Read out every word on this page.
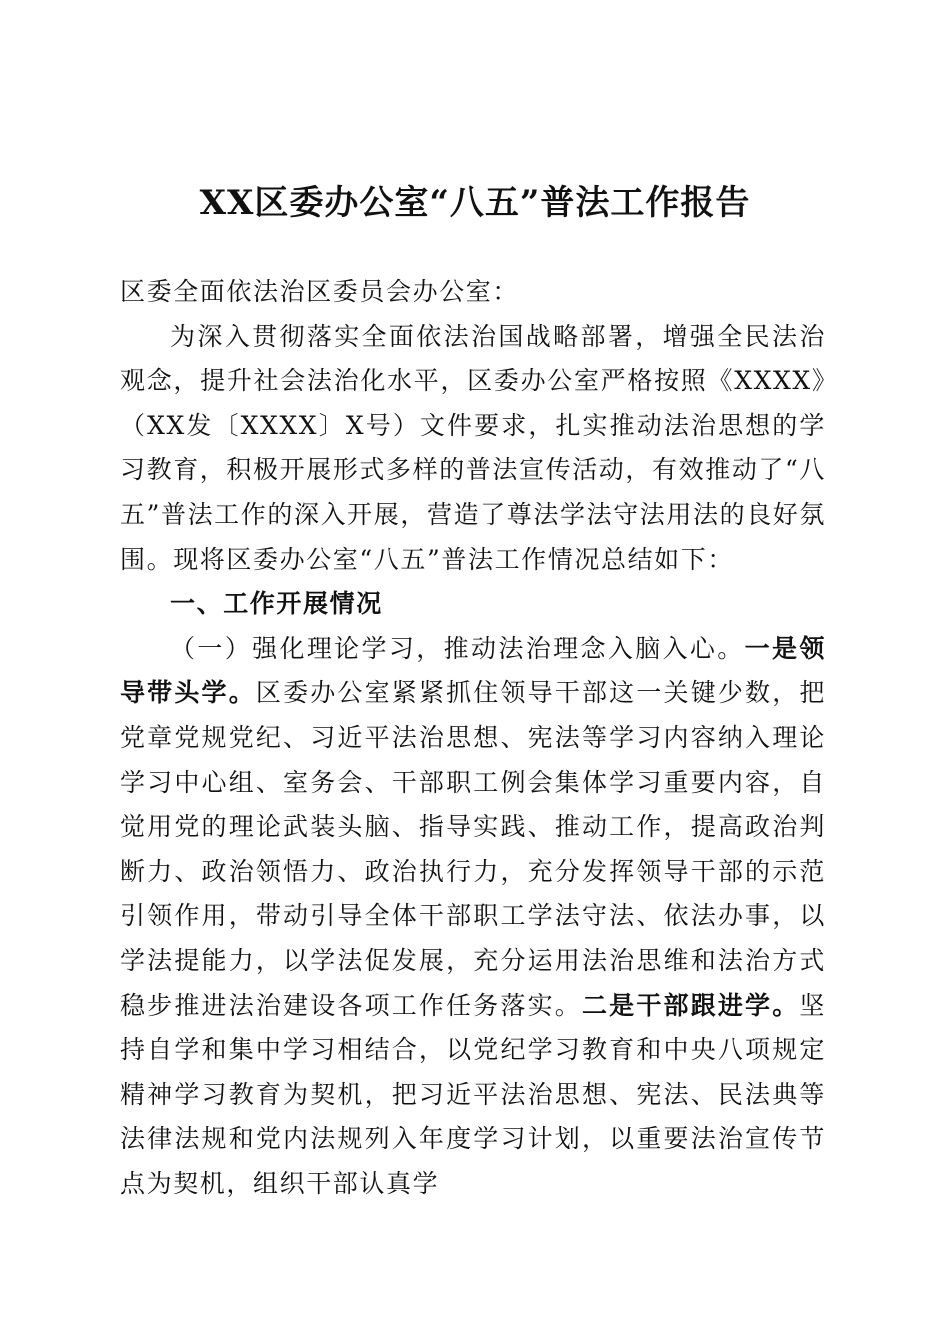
XX区委办公室“八五”普法工作报告

区委全面依法治区委员会办公室：

为深入贯彻落实全面依法治国战略部署，增强全民法治观念，提升社会法治化水平，区委办公室严格按照《XXXX》（XX发〔XXXX〕X号）文件要求，扎实推动法治思想的学习教育，积极开展形式多样的普法宣传活动，有效推动了“八五”普法工作的深入开展，营造了尊法学法守法用法的良好氛围。现将区委办公室“八五”普法工作情况总结如下：

一、工作开展情况

（一）强化理论学习，推动法治理念入脑入心。一是领导带头学。区委办公室紧紧抓住领导干部这一关键少数，把党章党规党纪、习近平法治思想、宪法等学习内容纳入理论学习中心组、室务会、干部职工例会集体学习重要内容，自觉用党的理论武装头脑、指导实践、推动工作，提高政治判断力、政治领悟力、政治执行力，充分发挥领导干部的示范引领作用，带动引导全体干部职工学法守法、依法办事，以学法提能力，以学法促发展，充分运用法治思维和法治方式稳步推进法治建设各项工作任务落实。二是干部跟进学。坚持自学和集中学习相结合，以党纪学习教育和中央八项规定精神学习教育为契机，把习近平法治思想、宪法、民法典等法律法规和党内法规列入年度学习计划，以重要法治宣传节点为契机，组织干部认真学
